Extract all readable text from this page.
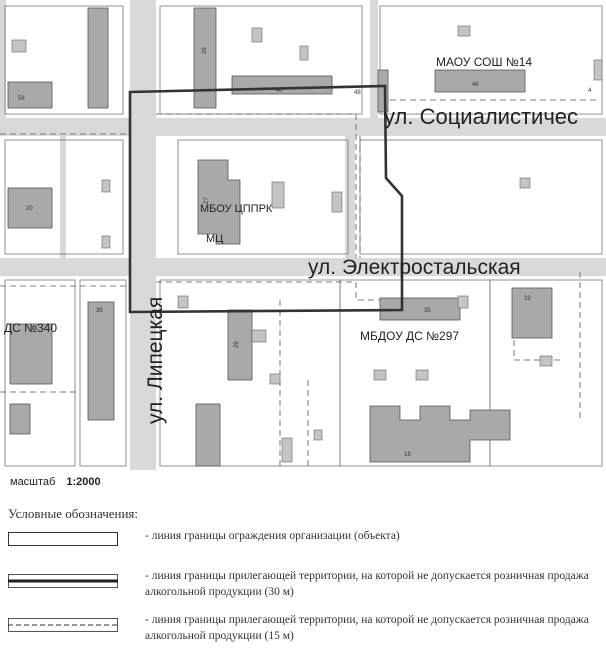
56
26
40	48
46
4
20
27
39
29
35
33
18
МАОУ СОШ №14
МБОУ ЦППРК
МЦ
МБДОУ ДС №297
ДС №340
ул. Социалистичес
ул. Электростальская
ул. Липецкая
масштаб 1:2000
Условные обозначения:
- линия границы ограждения организации (объекта)
- линия границы прилегающей территории, на которой не допускается розничная продажа алкогольной продукции (30 м)
- линия границы прилегающей территории, на которой не допускается розничная продажа алкогольной продукции (15 м)
